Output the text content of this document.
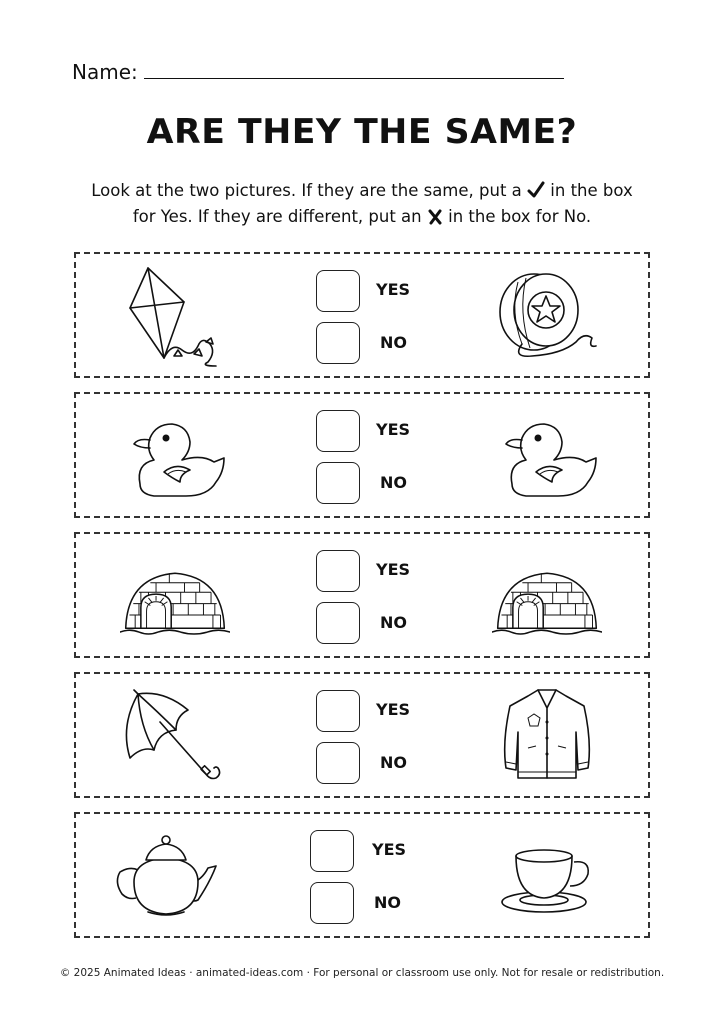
Name:
ARE THEY THE SAME?
Look at the two pictures. If they are the same, put a in the box
for Yes. If they are different, put an in the box for No.
YES
NO
YES
NO
YES
NO
YES
NO
YES
NO
© 2025 Animated Ideas · animated-ideas.com · For personal or classroom use only. Not for resale or redistribution.
